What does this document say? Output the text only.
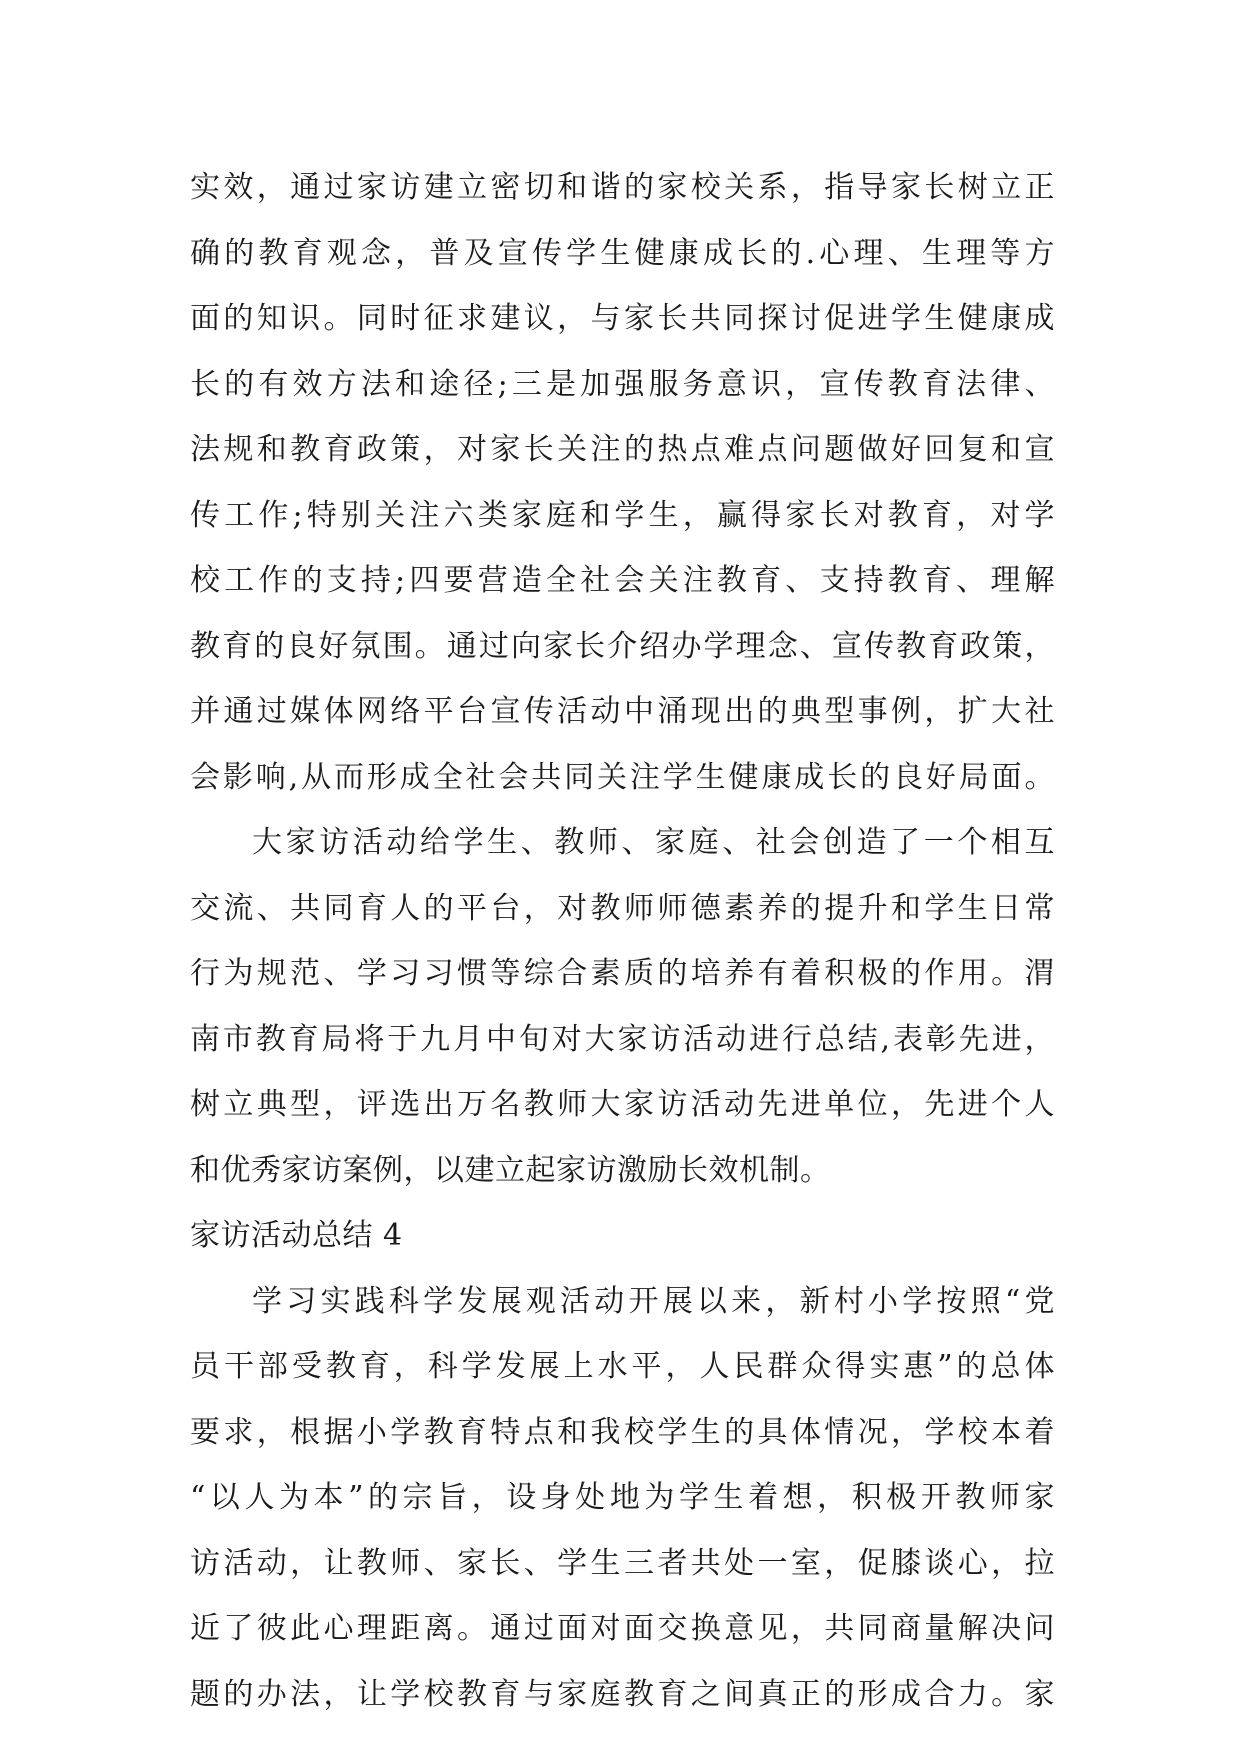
实效，通过家访建立密切和谐的家校关系，指导家长树立正
确的教育观念，普及宣传学生健康成长的.心理、生理等方
面的知识。同时征求建议，与家长共同探讨促进学生健康成
长的有效方法和途径;三是加强服务意识，宣传教育法律、
法规和教育政策，对家长关注的热点难点问题做好回复和宣
传工作;特别关注六类家庭和学生，赢得家长对教育，对学
校工作的支持;四要营造全社会关注教育、支持教育、理解
教育的良好氛围。通过向家长介绍办学理念、宣传教育政策，
并通过媒体网络平台宣传活动中涌现出的典型事例，扩大社
会影响,从而形成全社会共同关注学生健康成长的良好局面。
大家访活动给学生、教师、家庭、社会创造了一个相互
交流、共同育人的平台，对教师师德素养的提升和学生日常
行为规范、学习习惯等综合素质的培养有着积极的作用。渭
南市教育局将于九月中旬对大家访活动进行总结,表彰先进，
树立典型，评选出万名教师大家访活动先进单位，先进个人
和优秀家访案例，以建立起家访激励长效机制。
家访活动总结 4
学习实践科学发展观活动开展以来，新村小学按照“党
员干部受教育，科学发展上水平，人民群众得实惠”的总体
要求，根据小学教育特点和我校学生的具体情况，学校本着
“以人为本”的宗旨，设身处地为学生着想，积极开教师家
访活动，让教师、家长、学生三者共处一室，促膝谈心，拉
近了彼此心理距离。通过面对面交换意见，共同商量解决问
题的办法，让学校教育与家庭教育之间真正的形成合力。家
